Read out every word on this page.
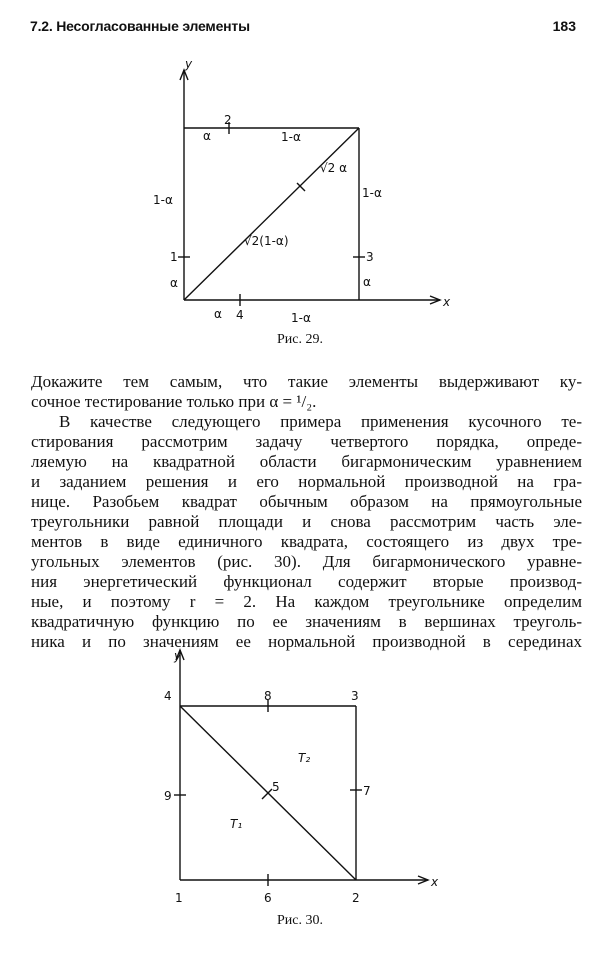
7.2. Несогласованные элементы	183
y
x
2
3
1
4
α	1-α
1-α
α
1-α
α
α	1-α
√2 α
√2(1-α)
Рис. 29.

Докажите тем самым, что такие элементы выдерживают ку-
сочное тестирование только при α = ¹/₂.

В качестве следующего примера применения кусочного те-
стирования рассмотрим задачу четвертого порядка, опреде-
ляемую на квадратной области бигармоническим уравнением
и заданием решения и его нормальной производной на гра-
нице. Разобьем квадрат обычным образом на прямоугольные
треугольники равной площади и снова рассмотрим часть эле-
ментов в виде единичного квадрата, состоящего из двух тре-
угольных элементов (рис. 30). Для бигармонического уравне-
ния энергетический функционал содержит вторые производ-
ные, и поэтому r = 2. На каждом треугольнике определим
квадратичную функцию по ее значениям в вершинах треуголь-
ника и по значениям ее нормальной производной в серединах

y
x
4	8	3
9
5	7
1	6	2
T₁
T₂
Рис. 30.
